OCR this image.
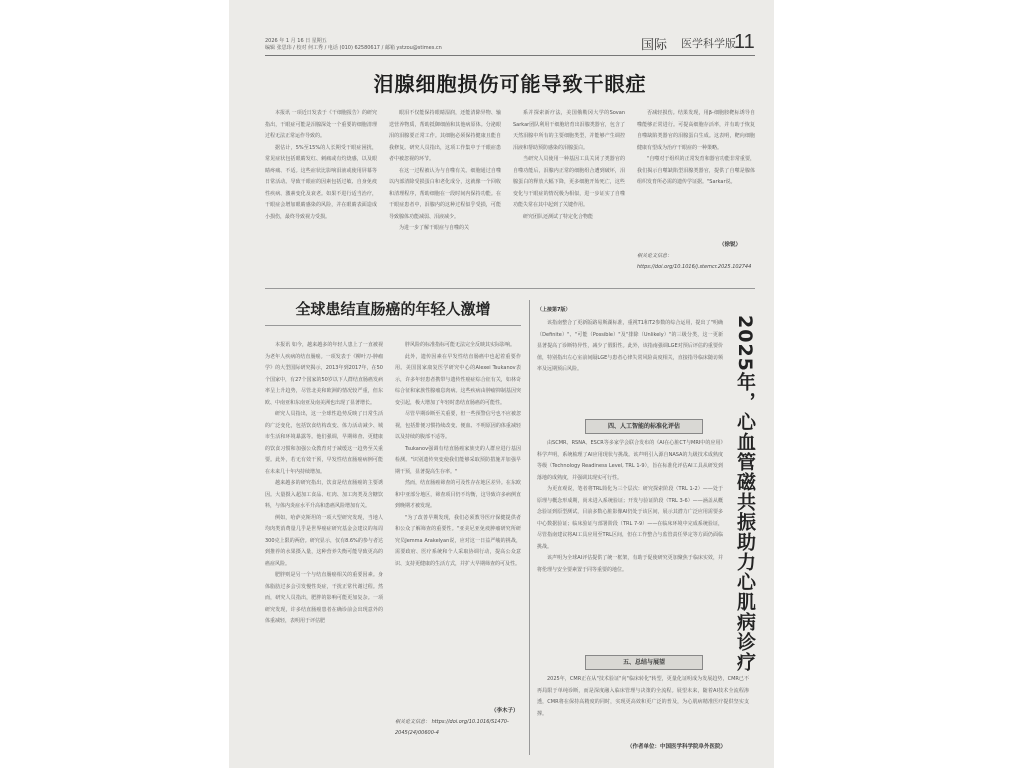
2026 年 1 月 16 日 星期五
编辑 张思玮 / 校对 何工秀 / 电话 (010) 62580617 / 邮箱 ystzou@stimes.cn	国际 医学科学版
11
泪腺细胞损伤可能导致干眼症

本报讯 一项近日发表于《干细胞报告》的研究指出，干眼症可能是泪腺深处一个重要的细胞清理过程无法正常运作导致的。

据估计，5%至15%的人长期受干眼症困扰，常见症状包括眼睛发红、刺痛或有灼烧感，以及眼睛疼痛、不适。这些症状比影响泪液或使用屏幕等日常活动。导致干眼症的因素包括过敏、自身免疫性疾病、激素变化及衰老。如果不进行适当治疗，干眼症会增加眼睛感染的风险，并在眼睛表面造成小损伤，最终导致视力受损。

眼泪不仅能保持眼睛湿润，还能清除异物、输送营养物质，帮助抵御细菌和其他病原体。分泌眼泪的泪腺要正常工作。其细胞必须保持健康且能自我修复。研究人员指出，这项工作集中于干眼症患者中被忽视的环节。

在这一过程被认为与自噬有关。细胞通过自噬以内部清除受损蛋白和老化成分，这就像一个回收和清理程序，帮助细胞在一段时间内保持功能。在干眼症患者中，泪腺内的这种过程似乎受损，可能导致腺体功能减弱、泪液减少。

为进一步了解干眼症与自噬的关

系并探索新疗法，美国俄勒冈大学的Sovan Sarkar团队利用干细胞培育出泪腺类器官，包含了天然泪腺中所有的主要细胞类型，并能够产生调控泪液和帮助预防感染的泪腺蛋白。

当研究人员使用一种基因工具关闭了类器官的自噬功能后，泪腺内正常的细胞组合遭到破坏，泪腺蛋白的释放大幅下降，更多细胞开始死亡，这些变化与干眼症的情况极为相似，进一步证实了自噬功能失常在其中起到了关键作用。

研究团队还测试了特定化合物能

否减轻损伤。结果发现，用β-细胞胺靶标诱导自噬能够正常进行。可提高细胞存活率，并有助于恢复自噬缺陷类器官的泪腺蛋白生成。这表明，靶向细胞健康有望成为治疗干眼症的一种策略。

"自噬对于组织的正常发育和器官功能非常重要，我们揭示自噬缺陷型泪腺类器官，提供了自噬是腺体组织发育所必需的遗传学证据。"Sarkar说。

（徐锐）
相关论文信息： https://doi.org/10.1016/j.stemcr.2025.102744
全球患结直肠癌的年轻人激增

本报讯 如今，越来越多的年轻人患上了一直被视为老年人疾病的结直肠癌。一项发表于《柳叶刀-肿瘤学》的大型国际研究揭示，2013年到2017年，在50个国家中，有27个国家的50岁以下人群结直肠癌发病率呈上升趋势，尽管北美和欧洲的情况较严重，但东欧、中南亚和东南亚及南美洲也出现了显著增长。

研究人员指出，这一全球性趋势反映了日常生活的广泛变化，包括饮食结构改变、体力活动减少、城市生活和环境暴露等。他们强调，早期筛查、更健康的饮食习惯和加强公众教育对于减缓这一趋势至关重要。此外，若无有效干预，早发性结直肠癌病例可能在未来几十年内持续增加。

越来越多的研究指出，饮食是结直肠癌的主要诱因。大量摄入超加工食品、红肉、加工肉类及含糖饮料，与体内炎症水平升高和患癌风险增加有关。

例如，哈萨克斯坦的一项大型研究发现，当地人均肉类消费量几乎是世界癌症研究基金会建议的每周300克上限的两倍。研究显示，仅有8.6%的参与者达到推荐的水果摄入量，这种营养失衡可能导致更高的癌症风险。

肥胖则是另一个与结直肠癌相关的重要因素。身体脂肪过多会引发慢性炎症，干扰正常代谢过程。然而，研究人员指出，肥胖的影响可能更加复杂。一项研究发现，许多结直肠癌患者在确诊前会出现意外的体重减轻，表明用于评估肥

胖风险的标准指标可能无法完全反映其实际影响。

此外，遗传因素在早发性结直肠癌中也起着重要作用。美国国家康复医学研究中心的Alexei Tsukanov表示，许多年轻患者携带与遗传性癌症综合征有关，如林奇综合征和家族性腺瘤息肉病。这些疾病由肿瘤抑制基因突变引起，极大增加了年轻时患结直肠癌的可能性。

尽管早期诊断至关重要，但一些预警信号也不应被忽视，包括排便习惯持续改变、便血、不明原因的体重减轻以及持续的腹部不适等。

Tsukanov强调有结直肠癌家族史的人群应进行基因检测。"识别遗传突变使我们能够采取预防措施并加强早期干预，显著提高生存率。"

然而，结直肠癌筛查的可及性存在地区差异。在东欧和中亚部分地区，筛查项目仍不均衡，这导致许多病例直到晚期才被发现。

"为了改善早期发现，我们必须教导医疗保健提供者和公众了解筛查的重要性。"亚美尼亚免疫肿瘤研究所研究员Jemma Arakelyan说，应对这一日益严峻的挑战，需要政府、医疗系统和个人采取协调行动，提高公众意识、支持更健康的生活方式，并扩大早期筛查的可及性。

（李木子）
相关论文信息： https://doi.org/10.1016/S1470-2045(24)00600-4
2025年，心血管磁共振助力心肌病诊疗
（上接第7版）

该指南整合了更新版路易斯湖标准，重视T1和T2参数的综合运用，提出了"明确（Definite）"、"可能（Possible）"及"排除（Unlikely）"的三级分类，这一更新显著提高了诊断特异性，减少了假阳性。此外，该指南强调LGE对预后评估的重要价值，特别指出左心室前间隔LGE与患者心律失常风险高度相关，直接指导临床随访频率及远期预后风险。

四、人工智能的标准化评估

由SCMR、RSNA、ESCR等多家学会联合发布的《AI在心脏CT与MRI中的应用》科学声明，系统梳理了AI应用现状与挑战。该声明引入源自NASA的九级技术成熟度等级（Technology Readiness Level, TRL 1-9），旨在标准化评估AI工具从研发到落地的成熟度，并强调其现实可行性。

为更直观说，笔者将TRL简化为三个层次：研究探索阶段（TRL 1-2）——处于原理与概念形成期，尚未进入系统验证；开发与验证阶段（TRL 3-6）——涵盖从概念验证到原型测试，目前多数心脏影像AI仍处于该区间，展示其潜力广泛应用需要多中心数据验证；临床验证与部署阶段（TRL 7-9）——在临床环境中完成系统验证，尽管指南建议将AI工具应用至TRL区间，但在工作整合与监管责任界定等方面仍面临挑战。

该声明为全球AI评估提供了统一框架，有助于促使研究更加聚焦于临床实效，并将伦理与安全要素置于同等重要的地位。

五、总结与展望

2025年，CMR正在从"技术验证"向"临床转化"转型，更量化证明成为发展趋势，CMR已不再局限于单纯诊断，而是深度融入临床管理与决策的全流程。展望未来，随着AI技术全流程渗透，CMR将在保持高精度的同时，实现更高效和更广泛的普及，为心肌病精准医疗提供坚实支撑。

（作者单位：中国医学科学院阜外医院）
